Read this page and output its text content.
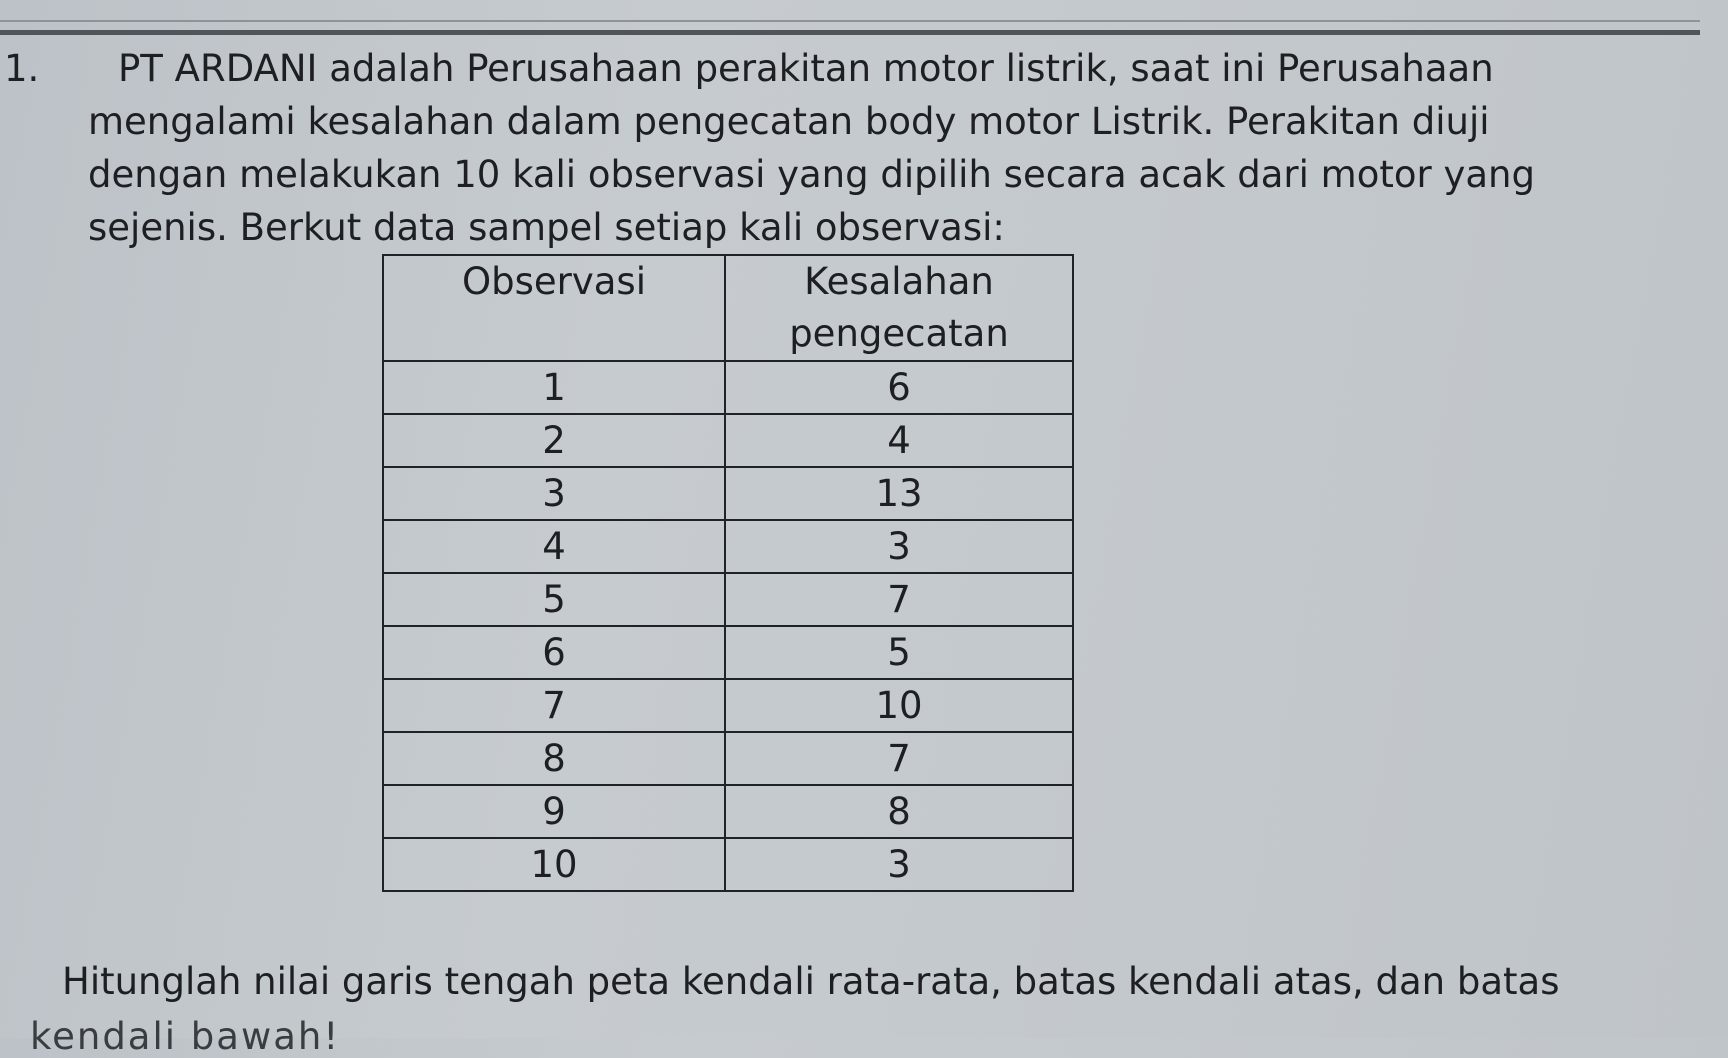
1. PT ARDANI adalah Perusahaan perakitan motor listrik, saat ini Perusahaan
mengalami kesalahan dalam pengecatan body motor Listrik. Perakitan diuji
dengan melakukan 10 kali observasi yang dipilih secara acak dari motor yang
sejenis. Berkut data sampel setiap kali observasi:
Observasi	Kesalahan
pengecatan
1	6
2	4
3	13
4	3
5	7
6	5
7	10
8	7
9	8
10	3
Hitunglah nilai garis tengah peta kendali rata-rata, batas kendali atas, dan batas
kendali bawah!
